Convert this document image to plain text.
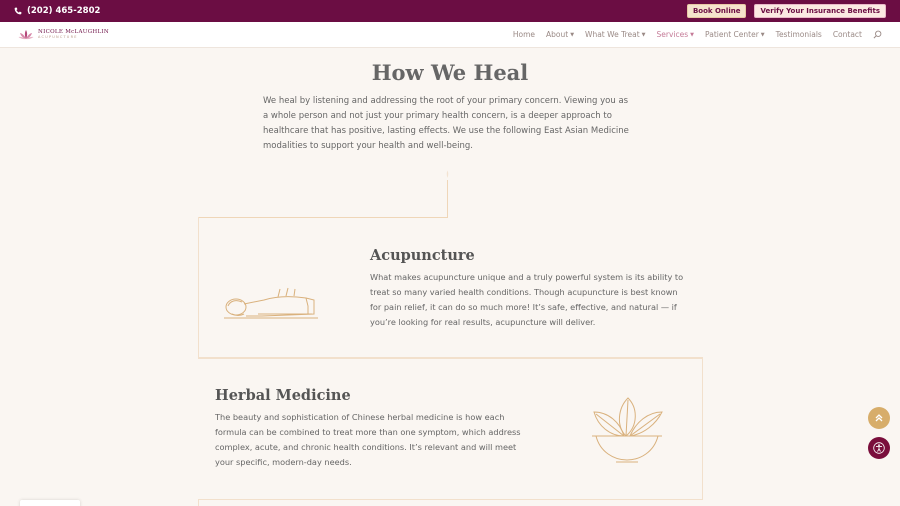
(202) 465-2802	Book Online	Verify Your Insurance Benefits
NICOLE McLAUGHLIN
ACUPUNCTURE	Home About ▼ What We Treat ▼ Services ▼ Patient Center ▼ Testimonials Contact
How We Heal

We heal by listening and addressing the root of your primary concern. Viewing you as a whole person and not just your primary health concern, is a deeper approach to healthcare that has positive, lasting effects. We use the following East Asian Medicine modalities to support your health and well-being.

Acupuncture

What makes acupuncture unique and a truly powerful system is its ability to treat so many varied health conditions. Though acupuncture is best known for pain relief, it can do so much more! It’s safe, effective, and natural — if you’re looking for real results, acupuncture will deliver.

Herbal Medicine

The beauty and sophistication of Chinese herbal medicine is how each formula can be combined to treat more than one symptom, which address complex, acute, and chronic health conditions. It’s relevant and will meet your specific, modern-day needs.
